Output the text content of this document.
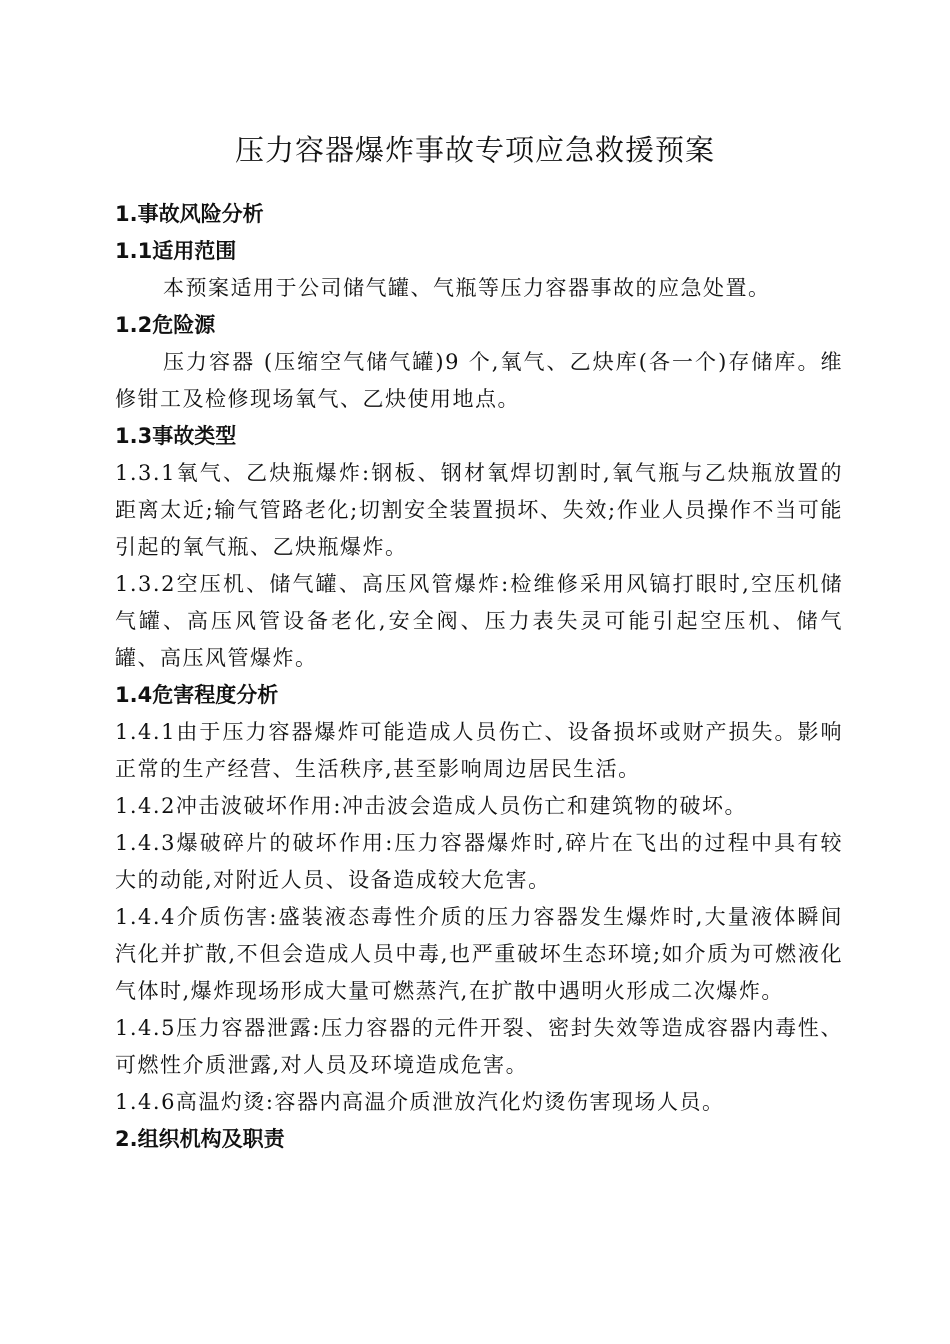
压力容器爆炸事故专项应急救援预案

1.事故风险分析

1.1适用范围

本预案适用于公司储气罐、气瓶等压力容器事故的应急处置。

1.2危险源

压力容器 (压缩空气储气罐)9 个,氧气、乙炔库(各一个)存储库。维修钳工及检修现场氧气、乙炔使用地点。

1.3事故类型

1.3.1氧气、乙炔瓶爆炸:钢板、钢材氧焊切割时,氧气瓶与乙炔瓶放置的距离太近;输气管路老化;切割安全装置损坏、失效;作业人员操作不当可能引起的氧气瓶、乙炔瓶爆炸。

1.3.2空压机、储气罐、高压风管爆炸:检维修采用风镐打眼时,空压机储气罐、高压风管设备老化,安全阀、压力表失灵可能引起空压机、储气罐、高压风管爆炸。

1.4危害程度分析

1.4.1由于压力容器爆炸可能造成人员伤亡、设备损坏或财产损失。影响正常的生产经营、生活秩序,甚至影响周边居民生活。

1.4.2冲击波破坏作用:冲击波会造成人员伤亡和建筑物的破坏。

1.4.3爆破碎片的破坏作用:压力容器爆炸时,碎片在飞出的过程中具有较大的动能,对附近人员、设备造成较大危害。

1.4.4介质伤害:盛装液态毒性介质的压力容器发生爆炸时,大量液体瞬间汽化并扩散,不但会造成人员中毒,也严重破坏生态环境;如介质为可燃液化气体时,爆炸现场形成大量可燃蒸汽,在扩散中遇明火形成二次爆炸。

1.4.5压力容器泄露:压力容器的元件开裂、密封失效等造成容器内毒性、可燃性介质泄露,对人员及环境造成危害。

1.4.6高温灼烫:容器内高温介质泄放汽化灼烫伤害现场人员。

2.组织机构及职责
